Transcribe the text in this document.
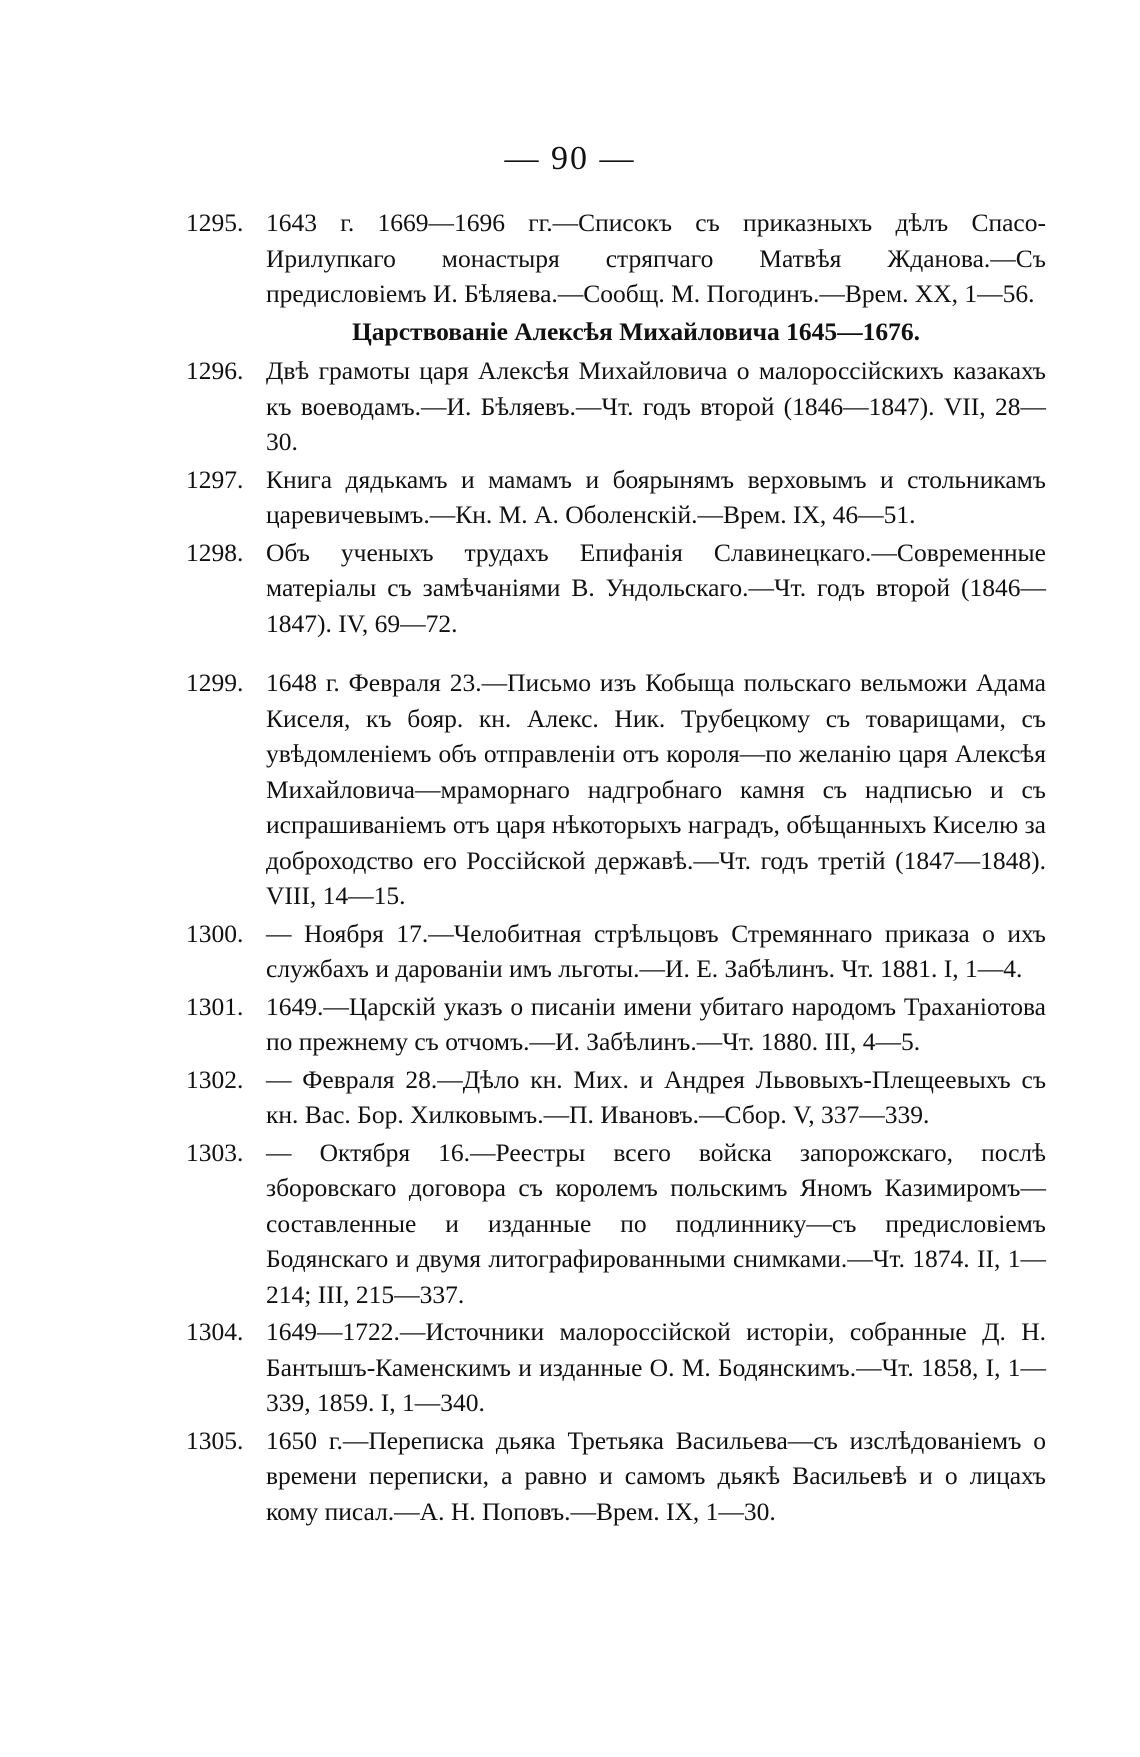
— 90 —
1295. 1643 г. 1669—1696 гг.—Списокъ съ приказныхъ дѣлъ Спасо-Ирилупкаго монастыря стряпчаго Матвѣя Жданова.—Съ предисловіемъ И. Бѣляева.—Сообщ. М. Погодинъ.—Врем. XX, 1—56.
Царствованіе Алексѣя Михайловича 1645—1676.
1296. Двѣ грамоты царя Алексѣя Михайловича о малороссійскихъ казакахъ къ воеводамъ.—И. Бѣляевъ.—Чт. годъ второй (1846—1847). VII, 28—30.
1297. Книга дядькамъ и мамамъ и боярынямъ верховымъ и стольникамъ царевичевымъ.—Кн. М. А. Оболенскій.—Врем. IX, 46—51.
1298. Объ ученыхъ трудахъ Епифанія Славинецкаго.—Современные матеріалы съ замѣчаніями В. Ундольскаго.—Чт. годъ второй (1846—1847). IV, 69—72.
1299. 1648 г. Февраля 23.—Письмо изъ Кобыща польскаго вельможи Адама Киселя, къ бояр. кн. Алекс. Ник. Трубецкому съ товарищами, съ увѣдомленіемъ объ отправленіи отъ короля—по желанію царя Алексѣя Михайловича—мраморнаго надгробнаго камня съ надписью и съ испрашиваніемъ отъ царя нѣкоторыхъ наградъ, обѣщанныхъ Киселю за доброходство его Россійской державѣ.—Чт. годъ третій (1847—1848). VIII, 14—15.
1300. — Ноября 17.—Челобитная стрѣльцовъ Стремяннаго приказа о ихъ службахъ и дарованіи имъ льготы.—И. Е. Забѣлинъ. Чт. 1881. I, 1—4.
1301. 1649.—Царскій указъ о писаніи имени убитаго народомъ Траханіотова по прежнему съ отчомъ.—И. Забѣлинъ.—Чт. 1880. III, 4—5.
1302. — Февраля 28.—Дѣло кн. Мих. и Андрея Львовыхъ-Плещеевыхъ съ кн. Вас. Бор. Хилковымъ.—П. Ивановъ.—Сбор. V, 337—339.
1303. — Октября 16.—Реестры всего войска запорожскаго, послѣ зборовскаго договора съ королемъ польскимъ Яномъ Казимиромъ—составленные и изданные по подлиннику—съ предисловіемъ Бодянскаго и двумя литографированными снимками.—Чт. 1874. II, 1—214; III, 215—337.
1304. 1649—1722.—Источники малороссійской исторіи, собранные Д. Н. Бантышъ-Каменскимъ и изданные О. М. Бодянскимъ.—Чт. 1858, I, 1—339, 1859. I, 1—340.
1305. 1650 г.—Переписка дьяка Третьяка Васильева—съ изслѣдованіемъ о времени переписки, а равно и самомъ дьякѣ Васильевѣ и о лицахъ кому писал.—А. Н. Поповъ.—Врем. IX, 1—30.
